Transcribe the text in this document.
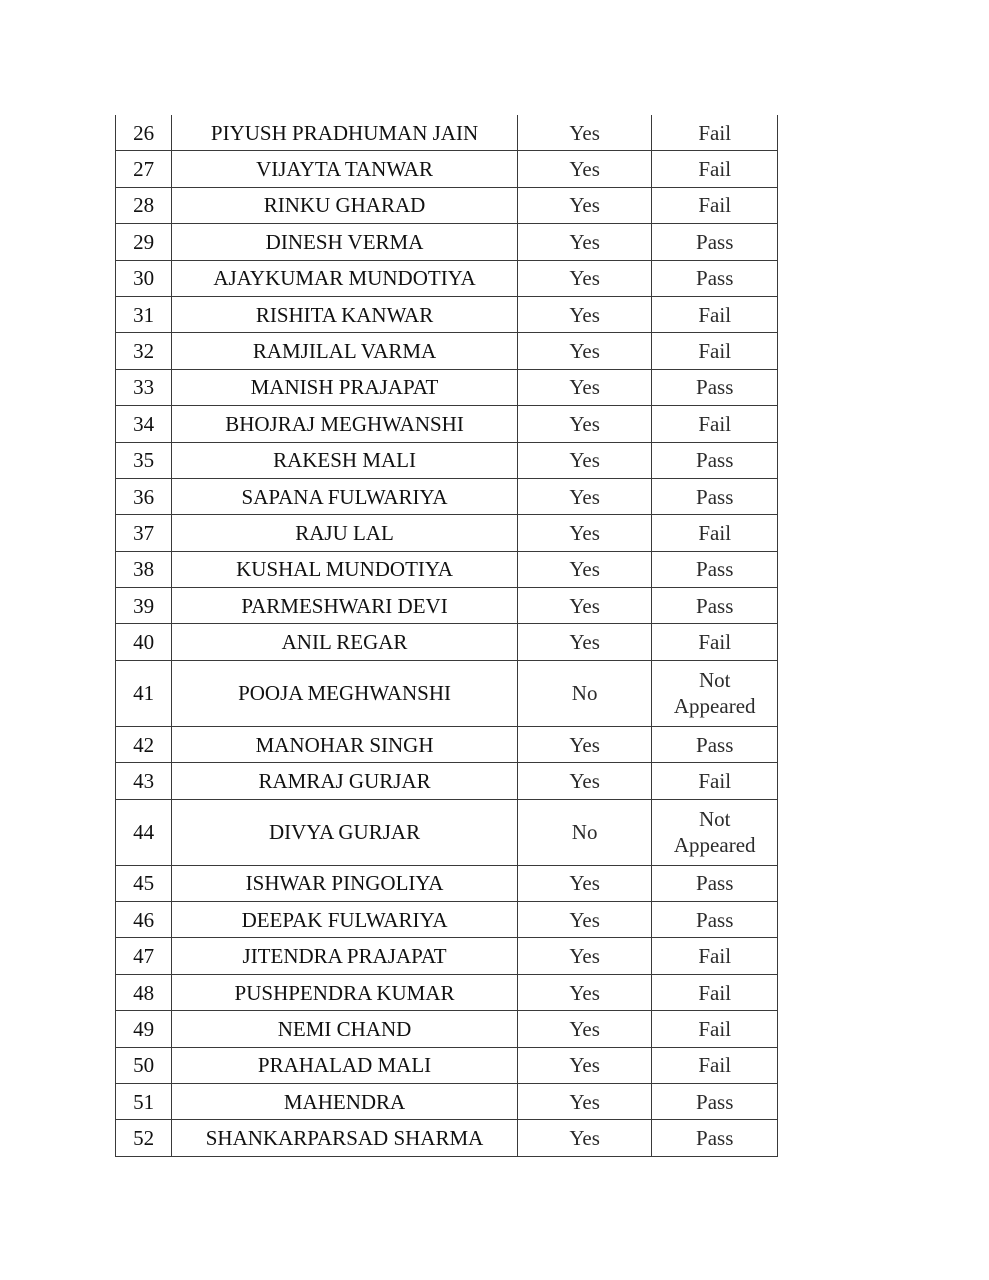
26	PIYUSH PRADHUMAN JAIN	Yes	Fail
27	VIJAYTA TANWAR	Yes	Fail
28	RINKU GHARAD	Yes	Fail
29	DINESH VERMA	Yes	Pass
30	AJAYKUMAR MUNDOTIYA	Yes	Pass
31	RISHITA KANWAR	Yes	Fail
32	RAMJILAL VARMA	Yes	Fail
33	MANISH PRAJAPAT	Yes	Pass
34	BHOJRAJ MEGHWANSHI	Yes	Fail
35	RAKESH MALI	Yes	Pass
36	SAPANA FULWARIYA	Yes	Pass
37	RAJU LAL	Yes	Fail
38	KUSHAL MUNDOTIYA	Yes	Pass
39	PARMESHWARI DEVI	Yes	Pass
40	ANIL REGAR	Yes	Fail
41	POOJA MEGHWANSHI	No	Not
Appeared
42	MANOHAR SINGH	Yes	Pass
43	RAMRAJ GURJAR	Yes	Fail
44	DIVYA GURJAR	No	Not
Appeared
45	ISHWAR PINGOLIYA	Yes	Pass
46	DEEPAK FULWARIYA	Yes	Pass
47	JITENDRA PRAJAPAT	Yes	Fail
48	PUSHPENDRA KUMAR	Yes	Fail
49	NEMI CHAND	Yes	Fail
50	PRAHALAD MALI	Yes	Fail
51	MAHENDRA	Yes	Pass
52	SHANKARPARSAD SHARMA	Yes	Pass
